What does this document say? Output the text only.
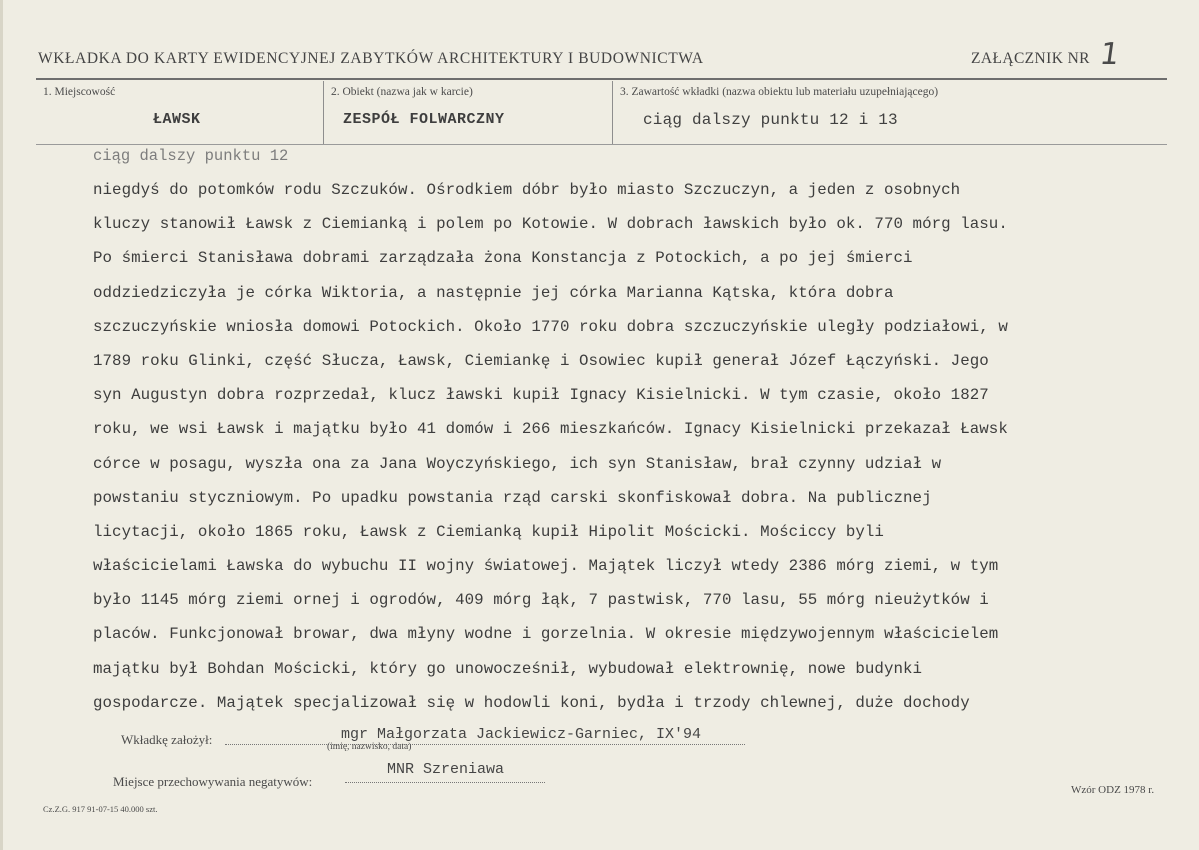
WKŁADKA DO KARTY EWIDENCYJNEJ ZABYTKÓW ARCHITEKTURY I BUDOWNICTWA	ZAŁĄCZNIK NR 1
1. Miejscowość
ŁAWSK
2. Obiekt (nazwa jak w karcie)
ZESPÓŁ FOLWARCZNY
3. Zawartość wkładki (nazwa obiektu lub materiału uzupełniającego)
ciąg dalszy punktu 12 i 13
ciąg dalszy punktu 12
niegdyś do potomków rodu Szczuków. Ośrodkiem dóbr było miasto Szczuczyn, a jeden z osobnych
kluczy stanowił Ławsk z Ciemianką i polem po Kotowie. W dobrach ławskich było ok. 770 mórg lasu.
Po śmierci Stanisława dobrami zarządzała żona Konstancja z Potockich, a po jej śmierci
oddziedziczyła je córka Wiktoria, a następnie jej córka Marianna Kątska, która dobra
szczuczyńskie wniosła domowi Potockich. Około 1770 roku dobra szczuczyńskie uległy podziałowi, w
1789 roku Glinki, część Słucza, Ławsk, Ciemiankę i Osowiec kupił generał Józef Łączyński. Jego
syn Augustyn dobra rozprzedał, klucz ławski kupił Ignacy Kisielnicki. W tym czasie, około 1827
roku, we wsi Ławsk i majątku było 41 domów i 266 mieszkańców. Ignacy Kisielnicki przekazał Ławsk
córce w posagu, wyszła ona za Jana Woyczyńskiego, ich syn Stanisław, brał czynny udział w
powstaniu styczniowym. Po upadku powstania rząd carski skonfiskował dobra. Na publicznej
licytacji, około 1865 roku, Ławsk z Ciemianką kupił Hipolit Mościcki. Mościccy byli
właścicielami Ławska do wybuchu II wojny światowej. Majątek liczył wtedy 2386 mórg ziemi, w tym
było 1145 mórg ziemi ornej i ogrodów, 409 mórg łąk, 7 pastwisk, 770 lasu, 55 mórg nieużytków i
placów. Funkcjonował browar, dwa młyny wodne i gorzelnia. W okresie międzywojennym właścicielem
majątku był Bohdan Mościcki, który go unowocześnił, wybudował elektrownię, nowe budynki
gospodarcze. Majątek specjalizował się w hodowli koni, bydła i trzody chlewnej, duże dochody
Wkładkę założył:	mgr Małgorzata Jackiewicz-Garniec, IX'94
(imię, nazwisko, data)
Miejsce przechowywania negatywów:
MNR Szreniawa
Cz.Z.G. 917 91-07-15 40.000 szt.
Wzór ODZ 1978 r.
